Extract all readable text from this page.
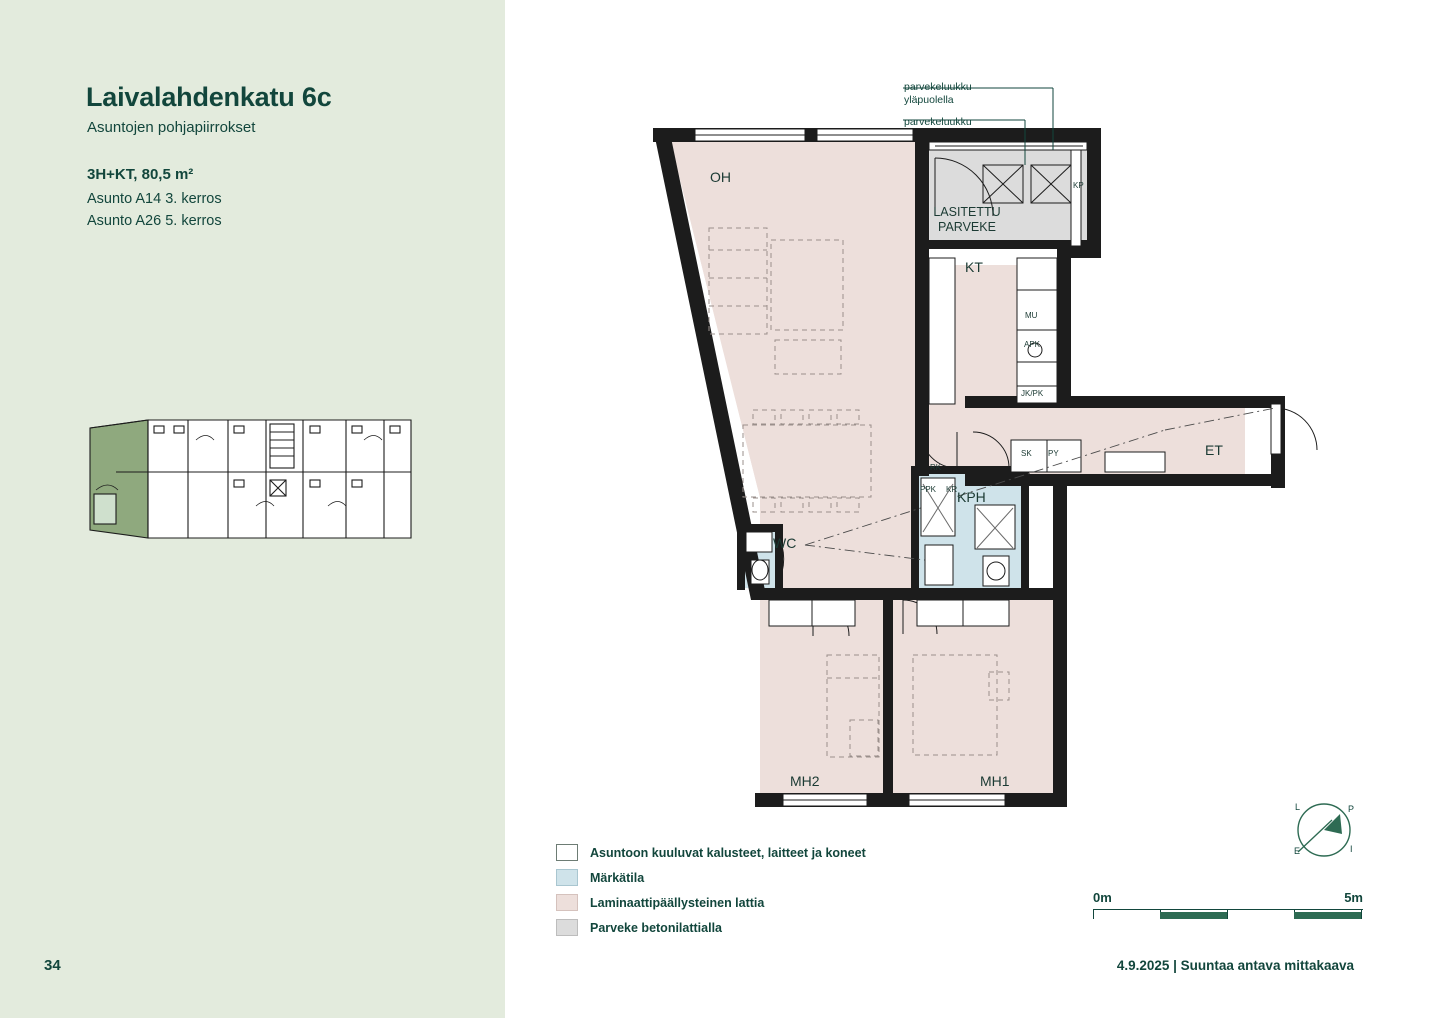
Laivalahdenkatu 6c
Asuntojen pohjapiirrokset
3H+KT, 80,5 m²
Asunto A14 3. kerros
Asunto A26 5. kerros
34	4.9.2025 | Suuntaa antava mittakaava
OH
KT
ET
KPH
WC
MH2	MH1
LASITETTU
PARVEKE
RK
PPK KR
SK PY
APK
MU
JK/PK
KP
parvekeluukku
yläpuolella
parvekeluukku
Asuntoon kuuluvat kalusteet, laitteet ja koneet
Märkätila
Laminaattipäällysteinen lattia
Parveke betonilattialla
P
I
E
L
0m	5m
